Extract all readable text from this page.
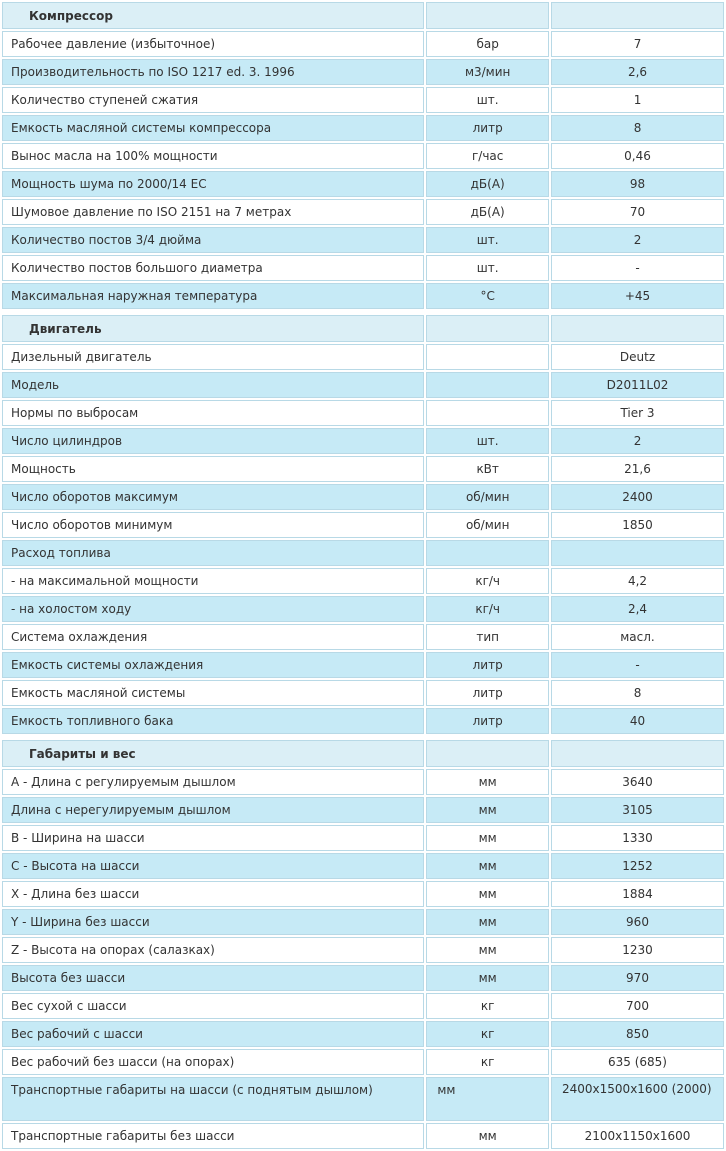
Компрессор		
Рабочее давление (избыточное)	бар	7
Производительность по ISO 1217 ed. 3. 1996	м3/мин	2,6
Количество ступеней сжатия	шт.	1
Емкость масляной системы компрессора	литр	8
Вынос масла на 100% мощности	г/час	0,46
Мощность шума по 2000/14 EC	дБ(A)	98
Шумовое давление по ISO 2151 на 7 метрах	дБ(A)	70
Количество постов 3/4 дюйма	шт.	2
Количество постов большого диаметра	шт.	-
Максимальная наружная температура	°C	+45

Двигатель		
Дизельный двигатель		Deutz
Модель		D2011L02
Нормы по выбросам		Tier 3
Число цилиндров	шт.	2
Мощность	кВт	21,6
Число оборотов максимум	об/мин	2400
Число оборотов минимум	об/мин	1850
Расход топлива		
- на максимальной мощности	кг/ч	4,2
- на холостом ходу	кг/ч	2,4
Система охлаждения	тип	масл.
Емкость системы охлаждения	литр	-
Емкость масляной системы	литр	8
Емкость топливного бака	литр	40

Габариты и вес		
A - Длина с регулируемым дышлом	мм	3640
Длина с нерегулируемым дышлом	мм	3105
B - Ширина на шасси	мм	1330
C - Высота на шасси	мм	1252
X - Длина без шасси	мм	1884
Y - Ширина без шасси	мм	960
Z - Высота на опорах (салазках)	мм	1230
Высота без шасси	мм	970
Вес сухой с шасси	кг	700
Вес рабочий с шасси	кг	850
Вес рабочий без шасси (на опорах)	кг	635 (685)
Транспортные габариты на шасси (с поднятым дышлом)	мм	2400x1500x1600 (2000)
Транспортные габариты без шасси	мм	2100x1150x1600
